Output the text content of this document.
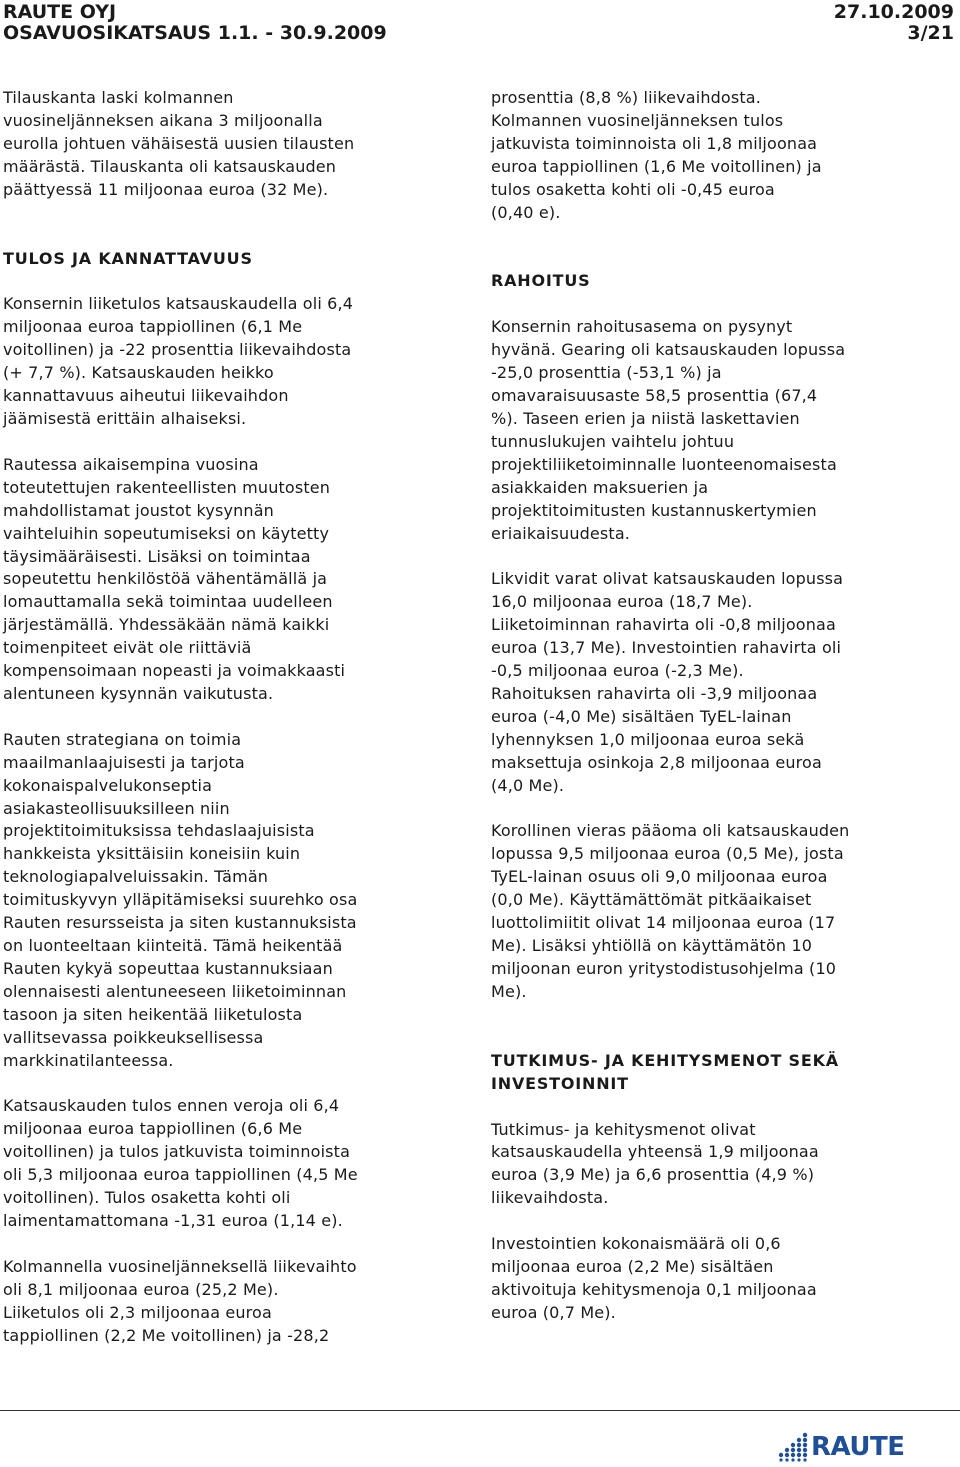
RAUTE OYJ
OSAVUOSIKATSAUS 1.1. - 30.9.2009
27.10.2009
3/21

Tilauskanta laski kolmannen
vuosineljänneksen aikana 3 miljoonalla
eurolla johtuen vähäisestä uusien tilausten
määrästä. Tilauskanta oli katsauskauden
päättyessä 11 miljoonaa euroa (32 Me).

TULOS JA KANNATTAVUUS

Konsernin liiketulos katsauskaudella oli 6,4
miljoonaa euroa tappiollinen (6,1 Me
voitollinen) ja -22 prosenttia liikevaihdosta
(+ 7,7 %). Katsauskauden heikko
kannattavuus aiheutui liikevaihdon
jäämisestä erittäin alhaiseksi.

Rautessa aikaisempina vuosina
toteutettujen rakenteellisten muutosten
mahdollistamat joustot kysynnän
vaihteluihin sopeutumiseksi on käytetty
täysimääräisesti. Lisäksi on toimintaa
sopeutettu henkilöstöä vähentämällä ja
lomauttamalla sekä toimintaa uudelleen
järjestämällä. Yhdessäkään nämä kaikki
toimenpiteet eivät ole riittäviä
kompensoimaan nopeasti ja voimakkaasti
alentuneen kysynnän vaikutusta.

Rauten strategiana on toimia
maailmanlaajuisesti ja tarjota
kokonaispalvelukonseptia
asiakasteollisuuksilleen niin
projektitoimituksissa tehdaslaajuisista
hankkeista yksittäisiin koneisiin kuin
teknologiapalveluissakin. Tämän
toimituskyvyn ylläpitämiseksi suurehko osa
Rauten resursseista ja siten kustannuksista
on luonteeltaan kiinteitä. Tämä heikentää
Rauten kykyä sopeuttaa kustannuksiaan
olennaisesti alentuneeseen liiketoiminnan
tasoon ja siten heikentää liiketulosta
vallitsevassa poikkeuksellisessa
markkinatilanteessa.

Katsauskauden tulos ennen veroja oli 6,4
miljoonaa euroa tappiollinen (6,6 Me
voitollinen) ja tulos jatkuvista toiminnoista
oli 5,3 miljoonaa euroa tappiollinen (4,5 Me
voitollinen). Tulos osaketta kohti oli
laimentamattomana -1,31 euroa (1,14 e).

Kolmannella vuosineljänneksellä liikevaihto
oli 8,1 miljoonaa euroa (25,2 Me).
Liiketulos oli 2,3 miljoonaa euroa
tappiollinen (2,2 Me voitollinen) ja -28,2

prosenttia (8,8 %) liikevaihdosta.
Kolmannen vuosineljänneksen tulos
jatkuvista toiminnoista oli 1,8 miljoonaa
euroa tappiollinen (1,6 Me voitollinen) ja
tulos osaketta kohti oli -0,45 euroa
(0,40 e).

RAHOITUS

Konsernin rahoitusasema on pysynyt
hyvänä. Gearing oli katsauskauden lopussa
-25,0 prosenttia (-53,1 %) ja
omavaraisuusaste 58,5 prosenttia (67,4
%). Taseen erien ja niistä laskettavien
tunnuslukujen vaihtelu johtuu
projektiliiketoiminnalle luonteenomaisesta
asiakkaiden maksuerien ja
projektitoimitusten kustannuskertymien
eriaikaisuudesta.

Likvidit varat olivat katsauskauden lopussa
16,0 miljoonaa euroa (18,7 Me).
Liiketoiminnan rahavirta oli -0,8 miljoonaa
euroa (13,7 Me). Investointien rahavirta oli
-0,5 miljoonaa euroa (-2,3 Me).
Rahoituksen rahavirta oli -3,9 miljoonaa
euroa (-4,0 Me) sisältäen TyEL-lainan
lyhennyksen 1,0 miljoonaa euroa sekä
maksettuja osinkoja 2,8 miljoonaa euroa
(4,0 Me).

Korollinen vieras pääoma oli katsauskauden
lopussa 9,5 miljoonaa euroa (0,5 Me), josta
TyEL-lainan osuus oli 9,0 miljoonaa euroa
(0,0 Me). Käyttämättömät pitkäaikaiset
luottolimiitit olivat 14 miljoonaa euroa (17
Me). Lisäksi yhtiöllä on käyttämätön 10
miljoonan euron yritystodistusohjelma (10
Me).

TUTKIMUS- JA KEHITYSMENOT SEKÄ
INVESTOINNIT

Tutkimus- ja kehitysmenot olivat
katsauskaudella yhteensä 1,9 miljoonaa
euroa (3,9 Me) ja 6,6 prosenttia (4,9 %)
liikevaihdosta.

Investointien kokonaismäärä oli 0,6
miljoonaa euroa (2,2 Me) sisältäen
aktivoituja kehitysmenoja 0,1 miljoonaa
euroa (0,7 Me).

RAUTE
